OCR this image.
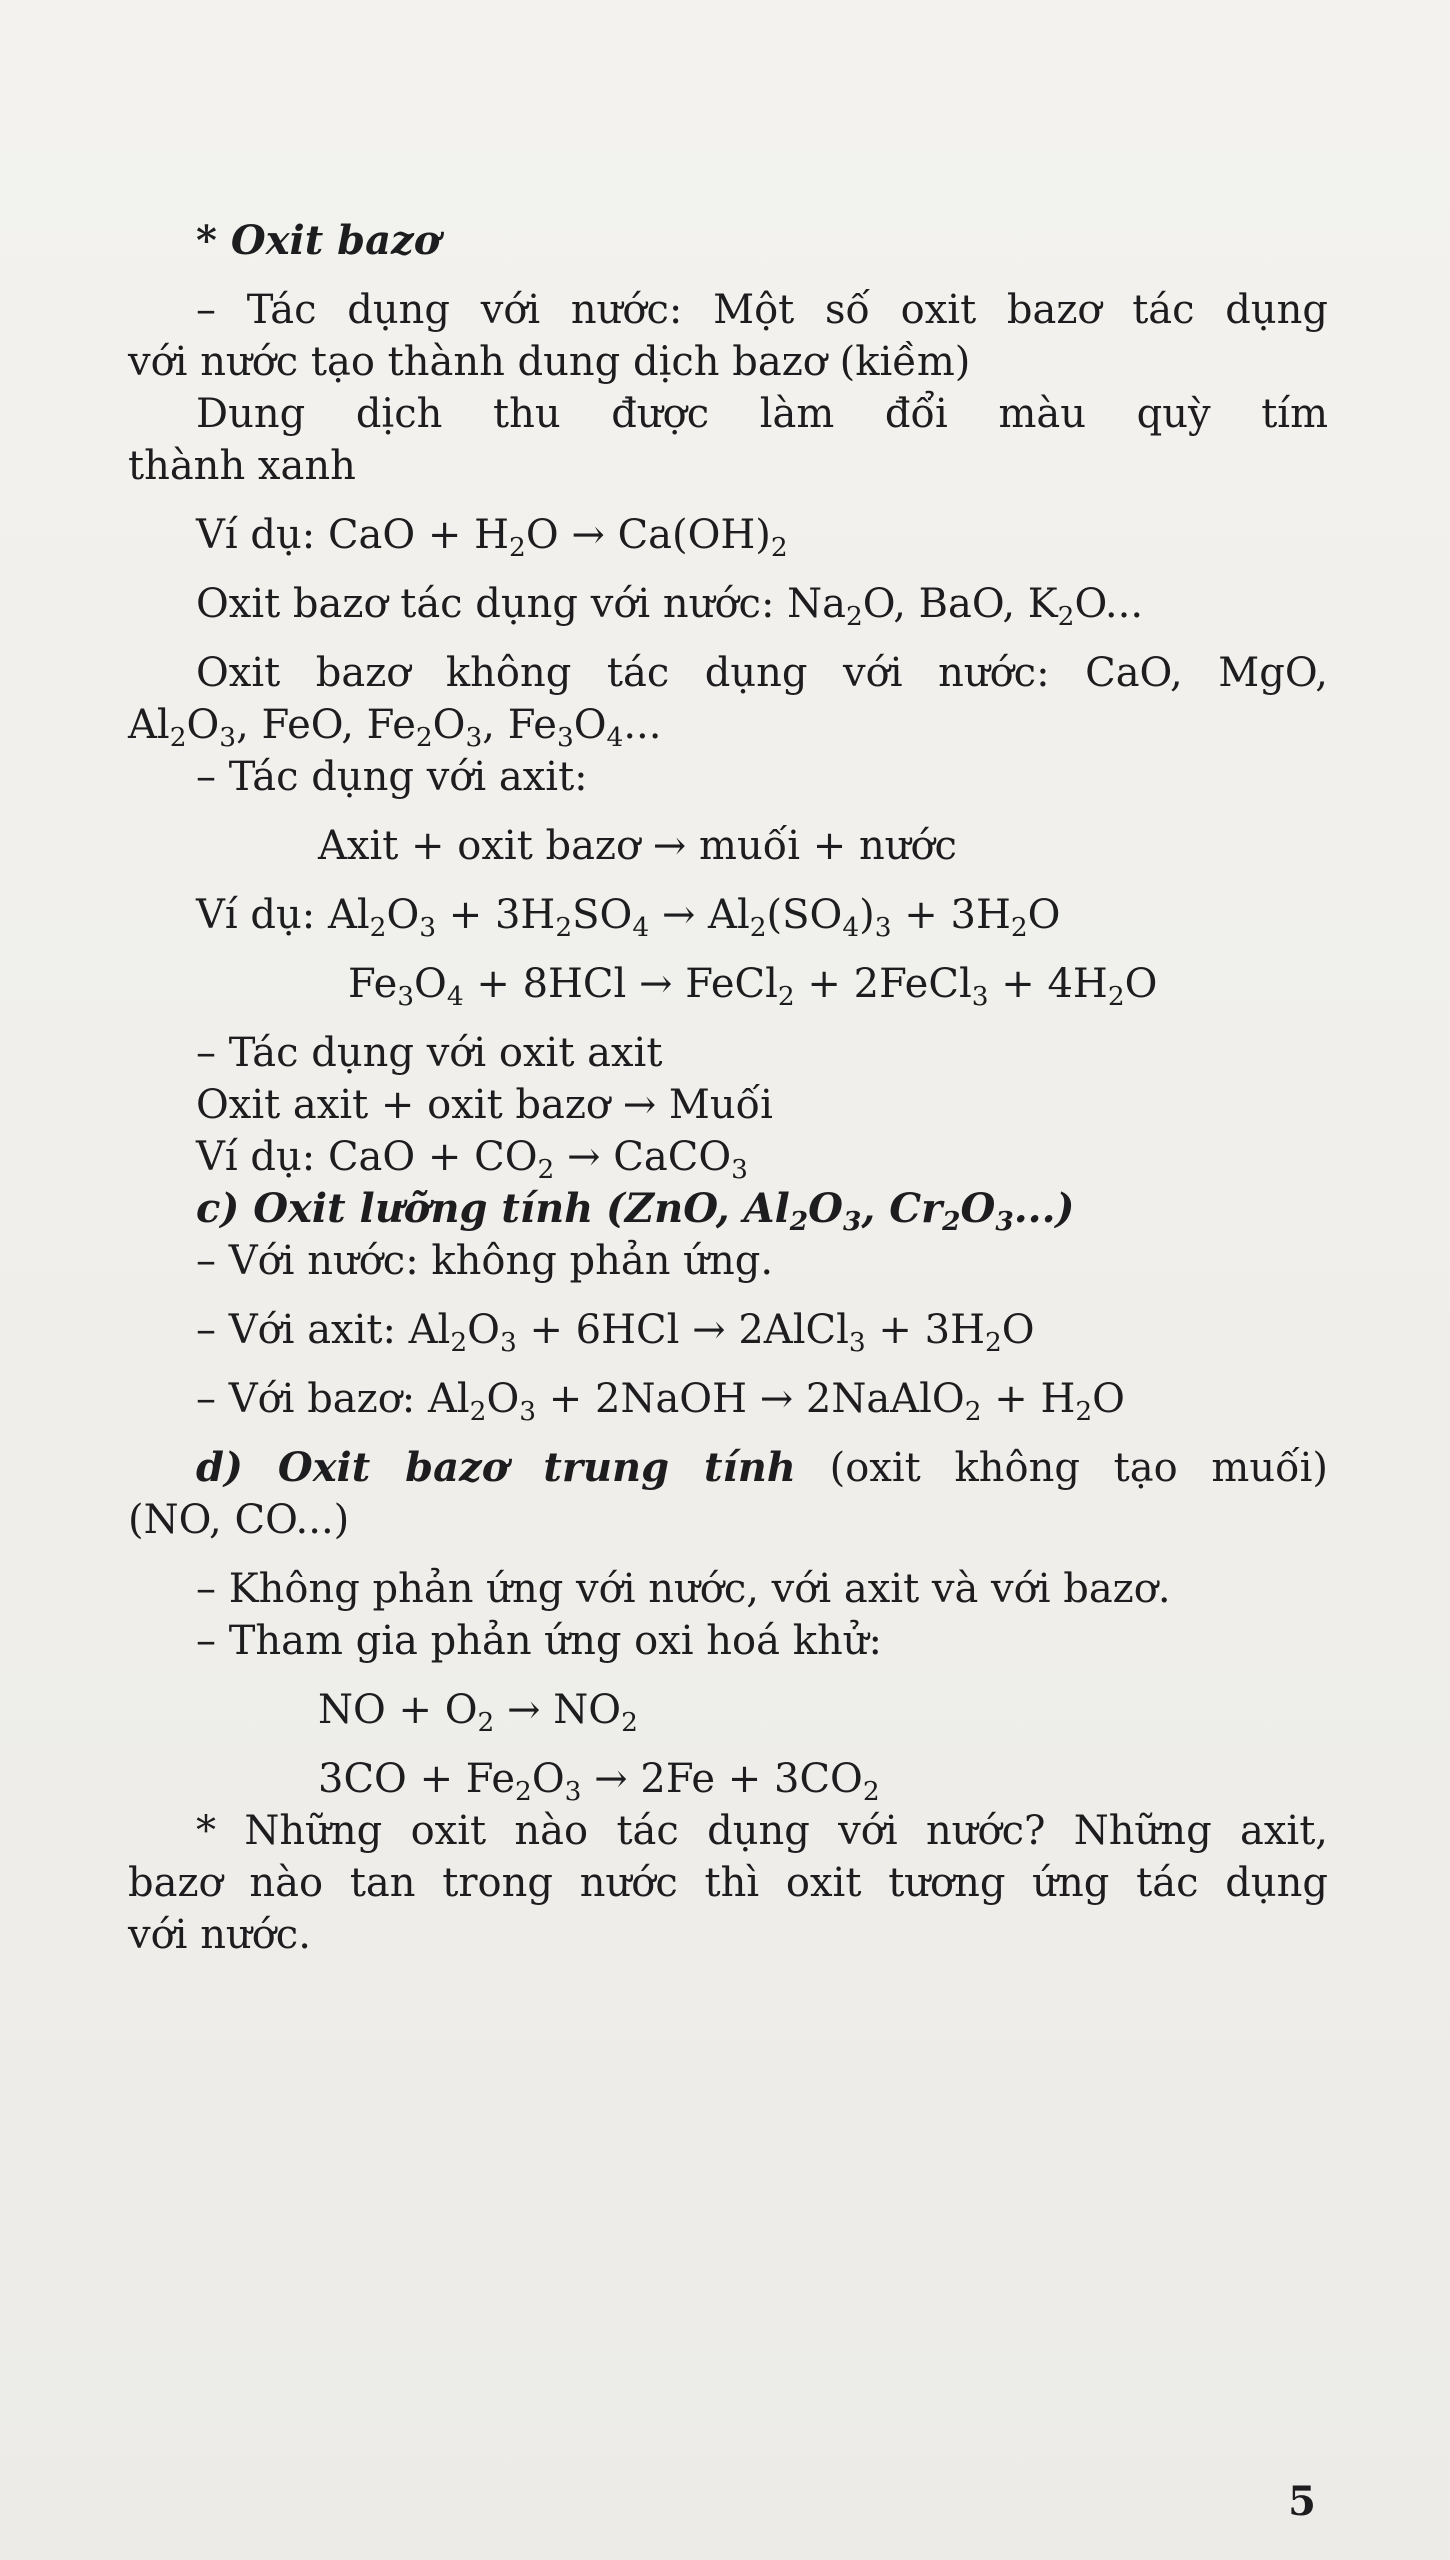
* Oxit bazơ
– Tác dụng với nước: Một số oxit bazơ tác dụng
với nước tạo thành dung dịch bazơ (kiềm)
Dung dịch thu được làm đổi màu quỳ tím
thành xanh
Ví dụ: CaO + $H_2O \to Ca(OH)_2$
Oxit bazơ tác dụng với nước: $Na_2O$, BaO, $K_2O$...
Oxit bazơ không tác dụng với nước: CaO, MgO,
$Al_2O_3$, FeO, $Fe_2O_3$, $Fe_3O_4$...
– Tác dụng với axit:
Axit + oxit bazơ → muối + nước
Ví dụ: $Al_2O_3 + 3H_2SO_4 \to Al_2(SO_4)_3 + 3H_2O$
$Fe_3O_4 + 8HCl$ → FeCl$_2$ + 2FeCl$_3$ + $4H_2O$
– Tác dụng với oxit axit
Oxit axit + oxit bazơ → Muối
Ví dụ: CaO + $CO_2$ → CaCO$_3$
c) Oxit lưỡng tính (ZnO, $Al_2O_3$, $Cr_2O_3$...)
– Với nước: không phản ứng.
– Với axit: $Al_2O_3 + 6HCl$ → 2AlCl$_3$ + $3H_2O$
– Với bazơ: $Al_2O_3$ + 2NaOH → 2NaAlO$_2$ + $H_2O$
d) Oxit bazơ trung tính (oxit không tạo muối)
(NO, CO...)
– Không phản ứng với nước, với axit và với bazơ.
– Tham gia phản ứng oxi hoá khử:
NO + $O_2 \to NO_2$
$3CO + Fe_2O_3 \to 2Fe + 3CO_2$
* Những oxit nào tác dụng với nước? Những axit,
bazơ nào tan trong nước thì oxit tương ứng tác dụng
với nước.
5
